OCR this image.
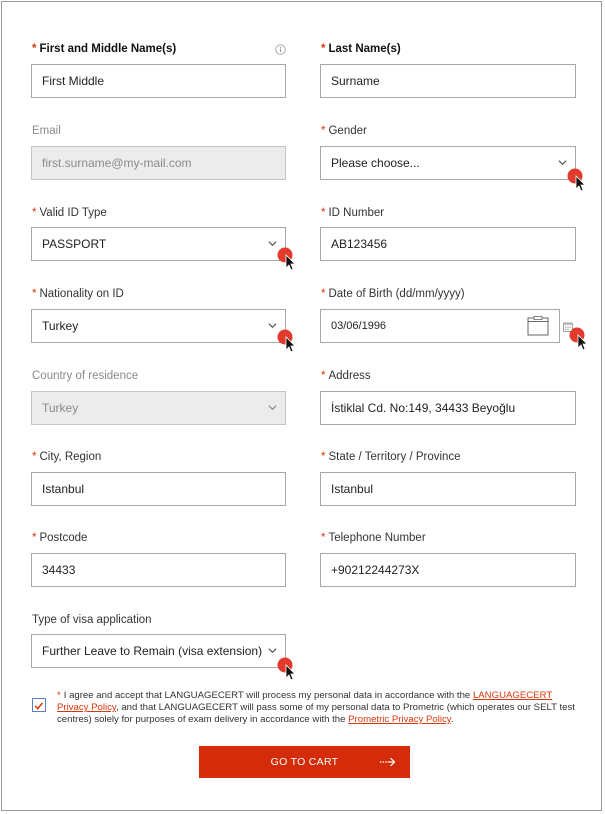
* First and Middle Name(s)
First Middle
* Last Name(s)
Surname
Email
first.surname@my-mail.com
* Gender
Please choose...
* Valid ID Type
PASSPORT
* ID Number
AB123456
* Nationality on ID
Turkey
* Date of Birth (dd/mm/yyyy)
03/06/1996
Country of residence
Turkey
* Address
İstiklal Cd. No:149, 34433 Beyoğlu
* City, Region
Istanbul
* State / Territory / Province
Istanbul
* Postcode
34433
* Telephone Number
+90212244273X
Type of visa application
Further Leave to Remain (visa extension)
* I agree and accept that LANGUAGECERT will process my personal data in accordance with the LANGUAGECERT Privacy Policy, and that LANGUAGECERT will pass some of my personal data to Prometric (which operates our SELT test centres) solely for purposes of exam delivery in accordance with the Prometric Privacy Policy.
GO TO CART
